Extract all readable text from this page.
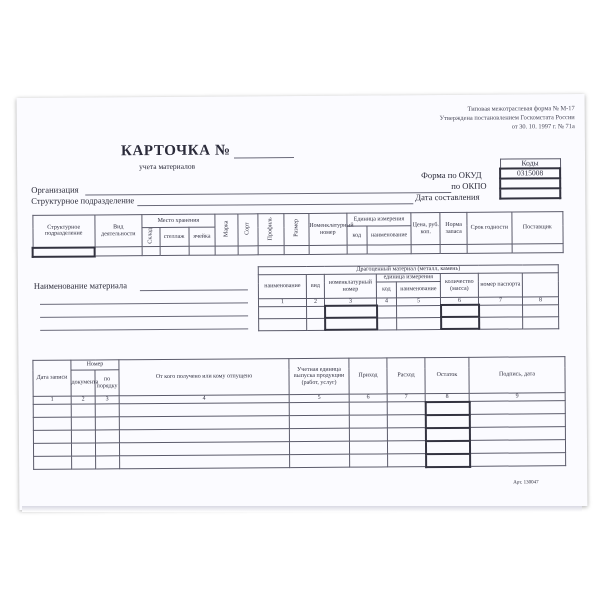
Типовая межотраслевая форма № М-17
Утверждена постановлением Госкомстата России
от 30. 10. 1997 г. № 71а
КАРТОЧКА №
учета материалов	Коды
0315008

Форма по ОКУД
по ОКПО
Дата составления
Организация
Структурное подразделение
Структурное подразделение	Вид деятельности	Место хранения			Марка	Сорт	Профиль	Размер	Номенклатурный номер	Единица измерения		Цена, руб. коп.	Норма запаса	Срок годности	Поставщик
		Склад	стеллаж	ячейка						код	наименование				

Наименование материала
Драгоценный материал (металл, камень)							
наименование	вид	номенклатурный номер	единица измерения		количество (масса)	номер паспорта	
			код	наименование			
1	2	3	4	5	6	7	8

Дата записи	Номер		От кого получено или кому отпущено	Учетная единица выпуска продукции (работ, услуг)	Приход	Расход	Остаток	Подпись, дата
	документа	по порядку						
1	2	3	4	5	6	7	8	9

Арт. 130047
